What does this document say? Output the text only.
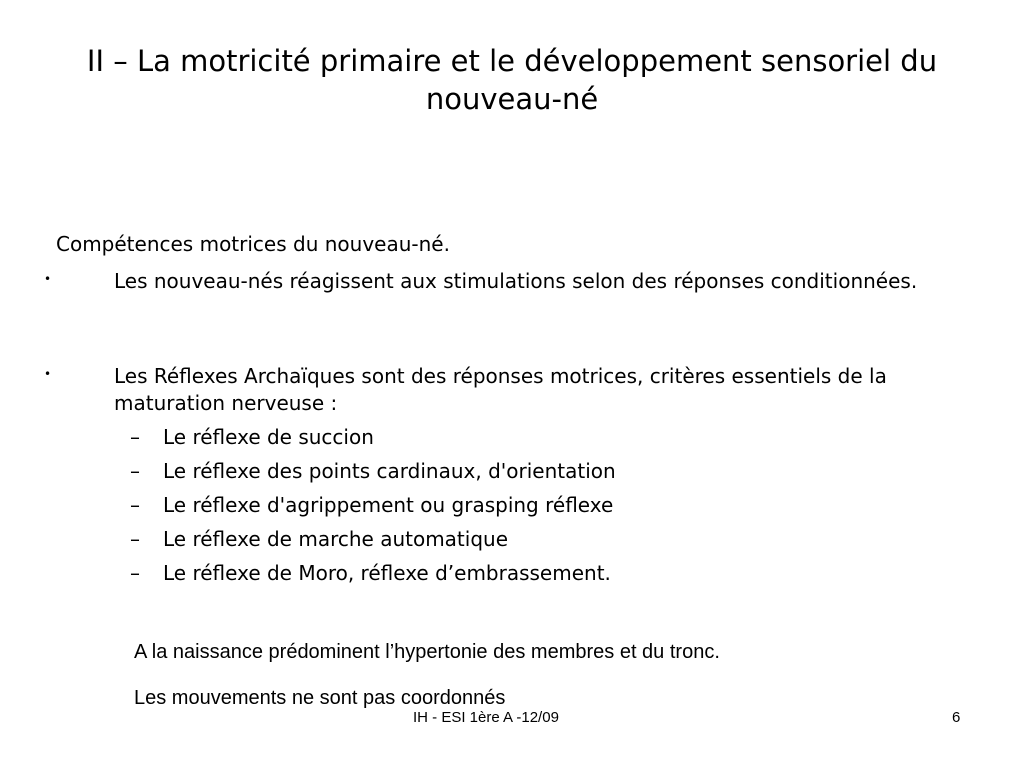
II – La motricité primaire et le développement sensoriel du
nouveau-né
Compétences motrices du nouveau-né.
•	Les nouveau-nés réagissent aux stimulations selon des réponses conditionnées.
•	Les Réflexes Archaïques sont des réponses motrices, critères essentiels de la maturation nerveuse :
– Le réflexe de succion
– Le réflexe des points cardinaux, d'orientation
– Le réflexe d'agrippement ou grasping réflexe
– Le réflexe de marche automatique
– Le réflexe de Moro, réflexe d’embrassement.
A la naissance prédominent l’hypertonie des membres et du tronc.
Les mouvements ne sont pas coordonnés
IH - ESI 1ère A -12/09	6
